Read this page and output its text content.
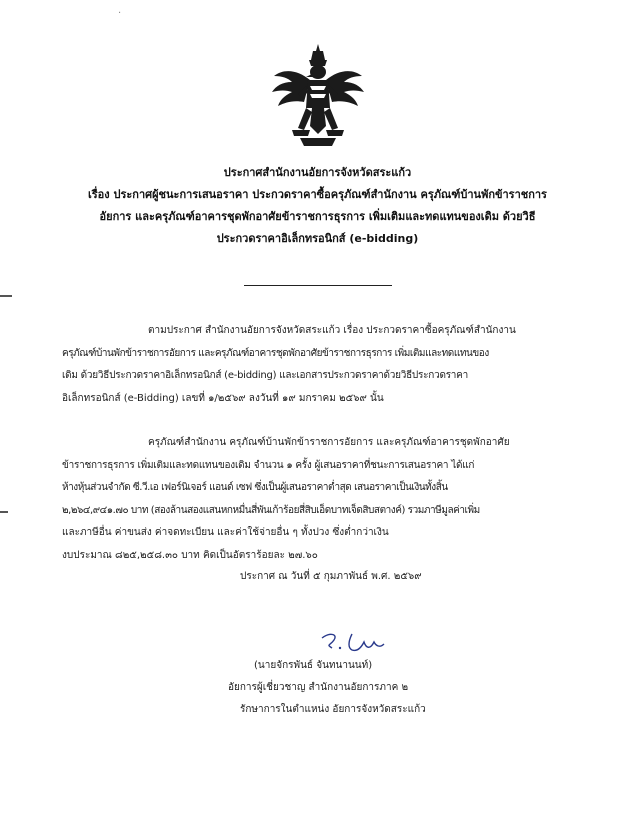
·
ประกาศสำนักงานอัยการจังหวัดสระแก้ว
เรื่อง ประกาศผู้ชนะการเสนอราคา ประกวดราคาซื้อครุภัณฑ์สำนักงาน ครุภัณฑ์บ้านพักข้าราชการ
อัยการ และครุภัณฑ์อาคารชุดพักอาศัยข้าราชการธุรการ เพิ่มเติมและทดแทนของเดิม ด้วยวิธี
ประกวดราคาอิเล็กทรอนิกส์ (e-bidding)
ตามประกาศ สำนักงานอัยการจังหวัดสระแก้ว เรื่อง ประกวดราคาซื้อครุภัณฑ์สำนักงาน
ครุภัณฑ์บ้านพักข้าราชการอัยการ และครุภัณฑ์อาคารชุดพักอาศัยข้าราชการธุรการ เพิ่มเติมและทดแทนของ
เดิม ด้วยวิธีประกวดราคาอิเล็กทรอนิกส์ (e-bidding) และเอกสารประกวดราคาด้วยวิธีประกวดราคา
อิเล็กทรอนิกส์ (e-Bidding) เลขที่ ๑/๒๕๖๙ ลงวันที่ ๑๙ มกราคม ๒๕๖๙ นั้น
ครุภัณฑ์สำนักงาน ครุภัณฑ์บ้านพักข้าราชการอัยการ และครุภัณฑ์อาคารชุดพักอาศัย
ข้าราชการธุรการ เพิ่มเติมและทดแทนของเดิม จำนวน ๑ ครั้ง ผู้เสนอราคาที่ชนะการเสนอราคา ได้แก่
ห้างหุ้นส่วนจำกัด ซี.วี.เอ เฟอร์นิเจอร์ แอนด์ เซฟ ซึ่งเป็นผู้เสนอราคาต่ำสุด เสนอราคาเป็นเงินทั้งสิ้น
๒,๒๖๔,๙๔๑.๗๐ บาท (สองล้านสองแสนหกหมื่นสี่พันเก้าร้อยสี่สิบเอ็ดบาทเจ็ดสิบสตางค์) รวมภาษีมูลค่าเพิ่ม
และภาษีอื่น ค่าขนส่ง ค่าจดทะเบียน และค่าใช้จ่ายอื่น ๆ ทั้งปวง ซึ่งต่ำกว่าเงิน
งบประมาณ ๘๒๕,๒๕๘.๓๐ บาท คิดเป็นอัตราร้อยละ ๒๗.๖๐
ประกาศ ณ วันที่ ๕ กุมภาพันธ์ พ.ศ. ๒๕๖๙
(นายจักรพันธ์ จันทนานนท์)
อัยการผู้เชี่ยวชาญ สำนักงานอัยการภาค ๒
รักษาการในตำแหน่ง อัยการจังหวัดสระแก้ว
